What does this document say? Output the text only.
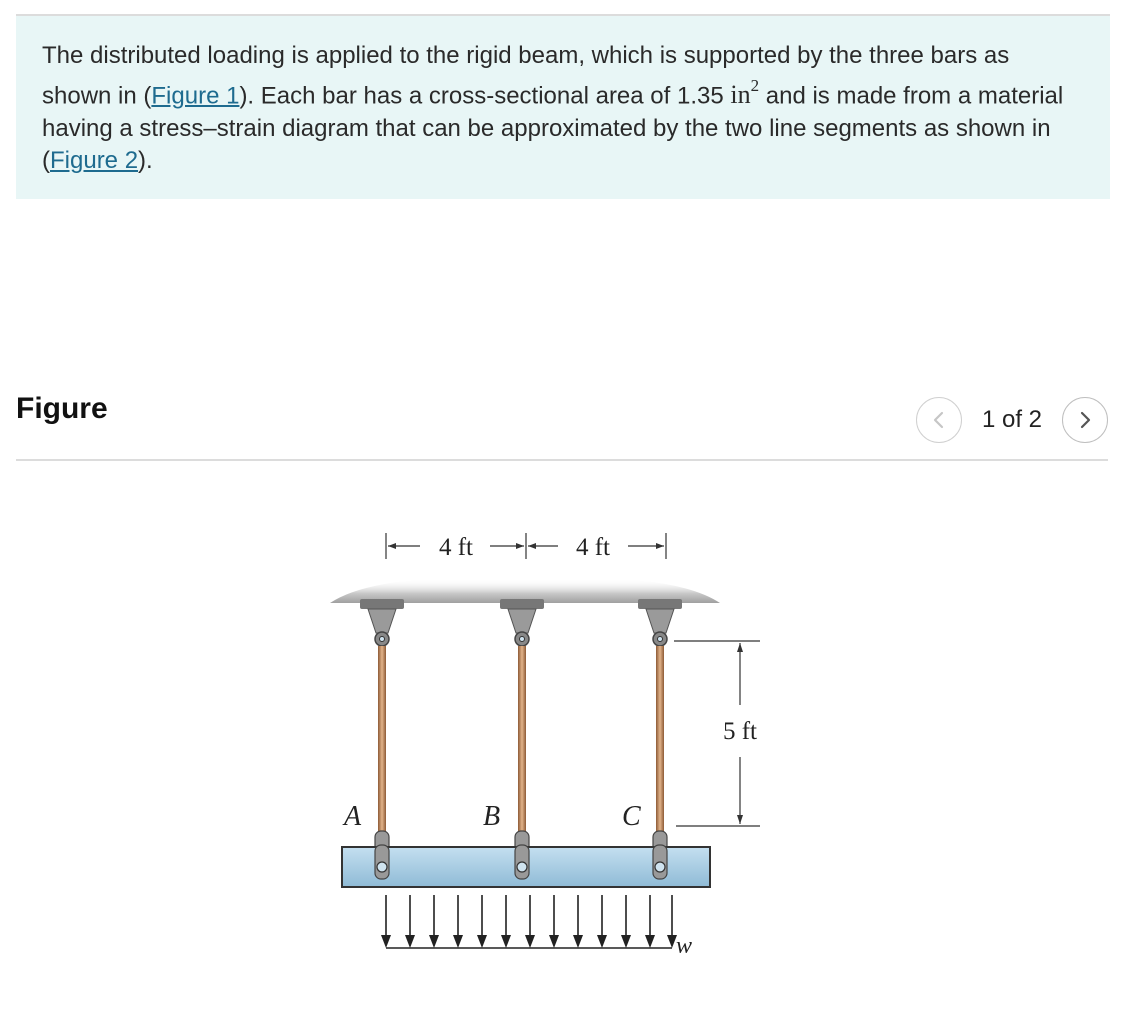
The distributed loading is applied to the rigid beam, which is supported by the three bars as shown in (Figure 1). Each bar has a cross-sectional area of 1.35 $in^2$ and is made from a material having a stress–strain diagram that can be approximated by the two line segments as shown in (Figure 2).
Figure	1 of 2
4 ft	4 ft
A	B	C
5 ft
w
